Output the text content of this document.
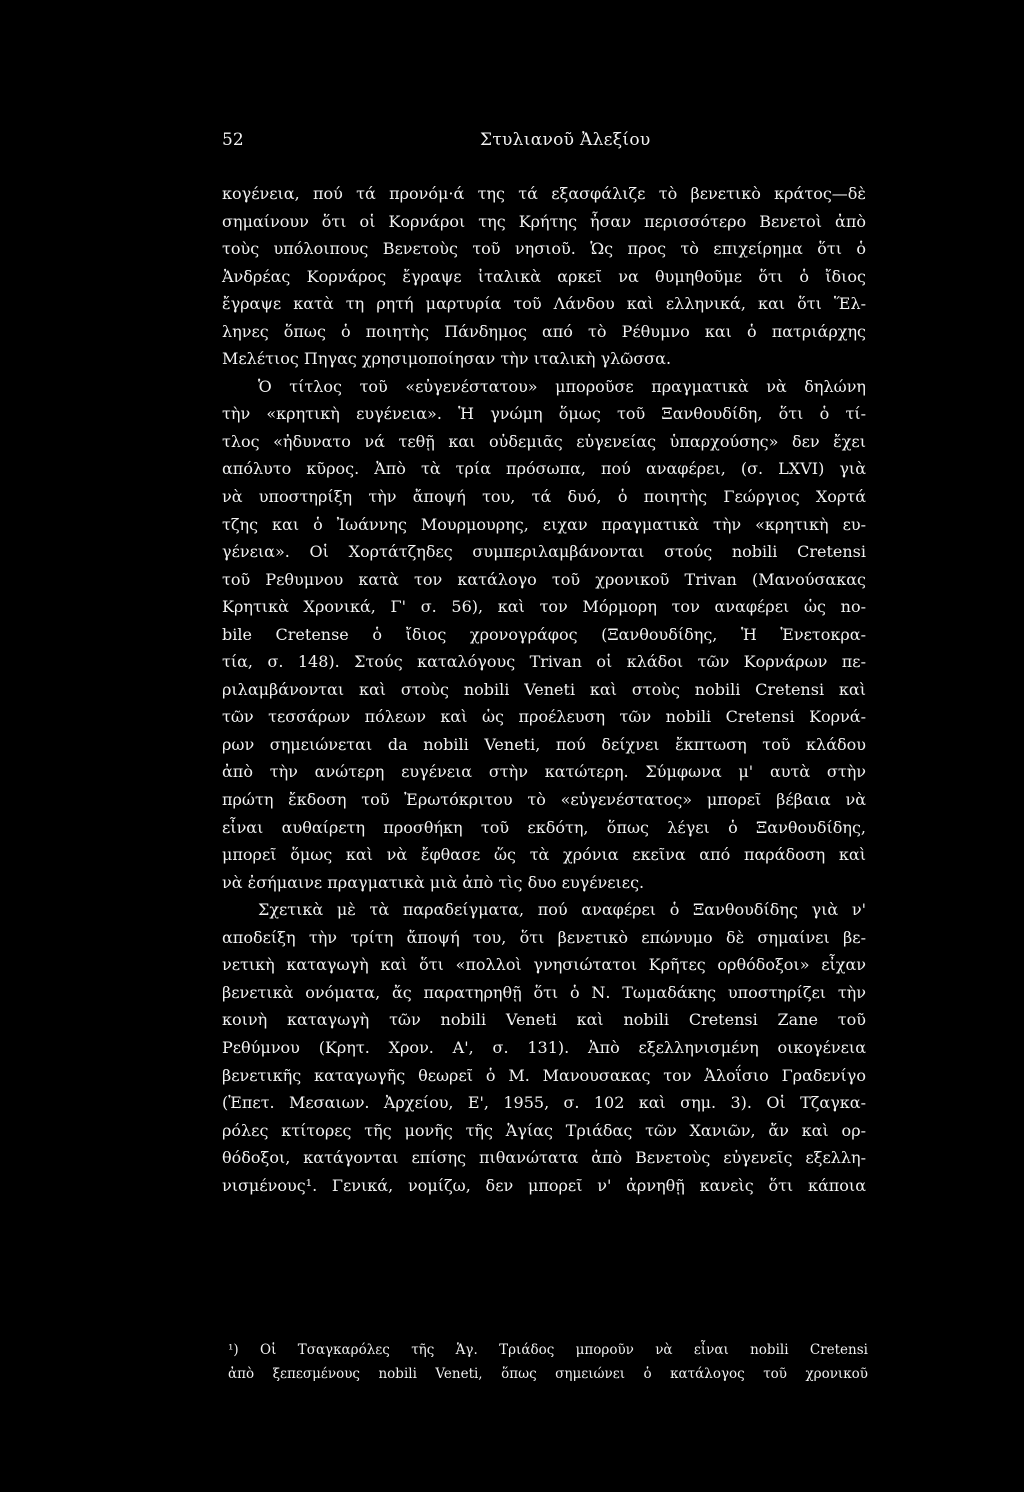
52	Στυλιανοῦ Ἀλεξίου
κογένεια, πού τά προνόμ·ά της τά εξασφάλιζε τὸ βενετικὸ κράτος—δὲ
σημαίνουν ὅτι οἱ Κορνάροι της Κρήτης ἦσαν περισσότερο Βενετοὶ ἀπὸ
τοὺς υπόλοιπους Βενετοὺς τοῦ νησιοῦ. Ὡς προς τὸ επιχείρημα ὅτι ὁ
Ἀνδρέας Κορνάρος ἔγραψε ἰταλικὰ αρκεῖ να θυμηθοῦμε ὅτι ὁ ἴδιος
ἔγραψε κατὰ τη ρητή μαρτυρία τοῦ Λάνδου καὶ ελληνικά, και ὅτι Ἕλ-
ληνες ὅπως ὁ ποιητὴς Πάνδημος από τὸ Ρέθυμνο και ὁ πατριάρχης
Μελέτιος Πηγας χρησιμοποίησαν τὴν ιταλικὴ γλῶσσα.
Ὁ τίτλος τοῦ «εὐγενέστατου» μποροῦσε πραγματικὰ νὰ δηλώνη
τὴν «κρητικὴ ευγένεια». Ἡ γνώμη ὅμως τοῦ Ξανθουδίδη, ὅτι ὁ τί-
τλος «ἠδυνατο νά τεθῇ και οὐδεμιᾶς εὐγενείας ὑπαρχούσης» δεν ἔχει
απόλυτο κῦρος. Ἀπὸ τὰ τρία πρόσωπα, πού αναφέρει, (σ. LXVI) γιὰ
νὰ υποστηρίξη τὴν ἄποψή του, τά δυό, ὁ ποιητὴς Γεώργιος Χορτά
τζης και ὁ Ἰωάννης Μουρμουρης, ειχαν πραγματικὰ τὴν «κρητικὴ ευ-
γένεια». Οἱ Χορτάτζηδες συμπεριλαμβάνονται στούς nobili Cretensi
τοῦ Ρεθυμνου κατὰ τον κατάλογο τοῦ χρονικοῦ Trivan (Μανούσακας
Κρητικὰ Χρονικά, Γ' σ. 56), καὶ τον Μόρμορη τον αναφέρει ὡς no-
bile Cretense ὁ ἴδιος χρονογράφος (Ξανθουδίδης, Ἡ Ἑνετοκρα-
τία, σ. 148). Στούς καταλόγους Trivan οἱ κλάδοι τῶν Κορνάρων πε-
ριλαμβάνονται καὶ στοὺς nobili Veneti καὶ στοὺς nobili Cretensi καὶ
τῶν τεσσάρων πόλεων καὶ ὡς προέλευση τῶν nobili Cretensi Κορνά-
ρων σημειώνεται da nobili Veneti, πού δείχνει ἔκπτωση τοῦ κλάδου
ἀπὸ τὴν ανώτερη ευγένεια στὴν κατώτερη. Σύμφωνα μ' αυτὰ στὴν
πρώτη ἔκδοση τοῦ Ἐρωτόκριτου τὸ «εὐγενέστατος» μπορεῖ βέβαια νὰ
εἶναι αυθαίρετη προσθήκη τοῦ εκδότη, ὅπως λέγει ὁ Ξανθουδίδης,
μπορεῖ ὅμως καὶ νὰ ἔφθασε ὥς τὰ χρόνια εκεῖνα από παράδοση καὶ
νὰ ἐσήμαινε πραγματικὰ μιὰ ἀπὸ τὶς δυο ευγένειες.
Σχετικὰ μὲ τὰ παραδείγματα, πού αναφέρει ὁ Ξανθουδίδης γιὰ ν'
αποδείξη τὴν τρίτη ἄποψή του, ὅτι βενετικὸ επώνυμο δὲ σημαίνει βε-
νετικὴ καταγωγὴ καὶ ὅτι «πολλοὶ γνησιώτατοι Κρῆτες ορθόδοξοι» εἶχαν
βενετικὰ ονόματα, ἄς παρατηρηθῇ ὅτι ὁ Ν. Τωμαδάκης υποστηρίζει τὴν
κοινὴ καταγωγὴ τῶν nobili Veneti καὶ nobili Cretensi Zane τοῦ
Ρεθύμνου (Κρητ. Χρον. Α', σ. 131). Ἀπὸ εξελληνισμένη οικογένεια
βενετικῆς καταγωγῆς θεωρεῖ ὁ Μ. Μανουσακας τον Ἀλοΐσιο Γραδενίγο
(Ἐπετ. Μεσαιων. Ἀρχείου, Ε', 1955, σ. 102 καὶ σημ. 3). Οἱ Τζαγκα-
ρόλες κτίτορες τῆς μονῆς τῆς Ἁγίας Τριάδας τῶν Χανιῶν, ἄν καὶ ορ-
θόδοξοι, κατάγονται επίσης πιθανώτατα ἀπὸ Βενετοὺς εὐγενεῖς εξελλη-
νισμένους¹. Γενικά, νομίζω, δεν μπορεῖ ν' ἀρνηθῇ κανεὶς ὅτι κάποια
¹) Οἱ Τσαγκαρόλες τῆς Ἁγ. Τριάδος μποροῦν νὰ εἶναι nobili Cretensi
ἀπὸ ξεπεσμένους nobili Veneti, ὅπως σημειώνει ὁ κατάλογος τοῦ χρονικοῦ
